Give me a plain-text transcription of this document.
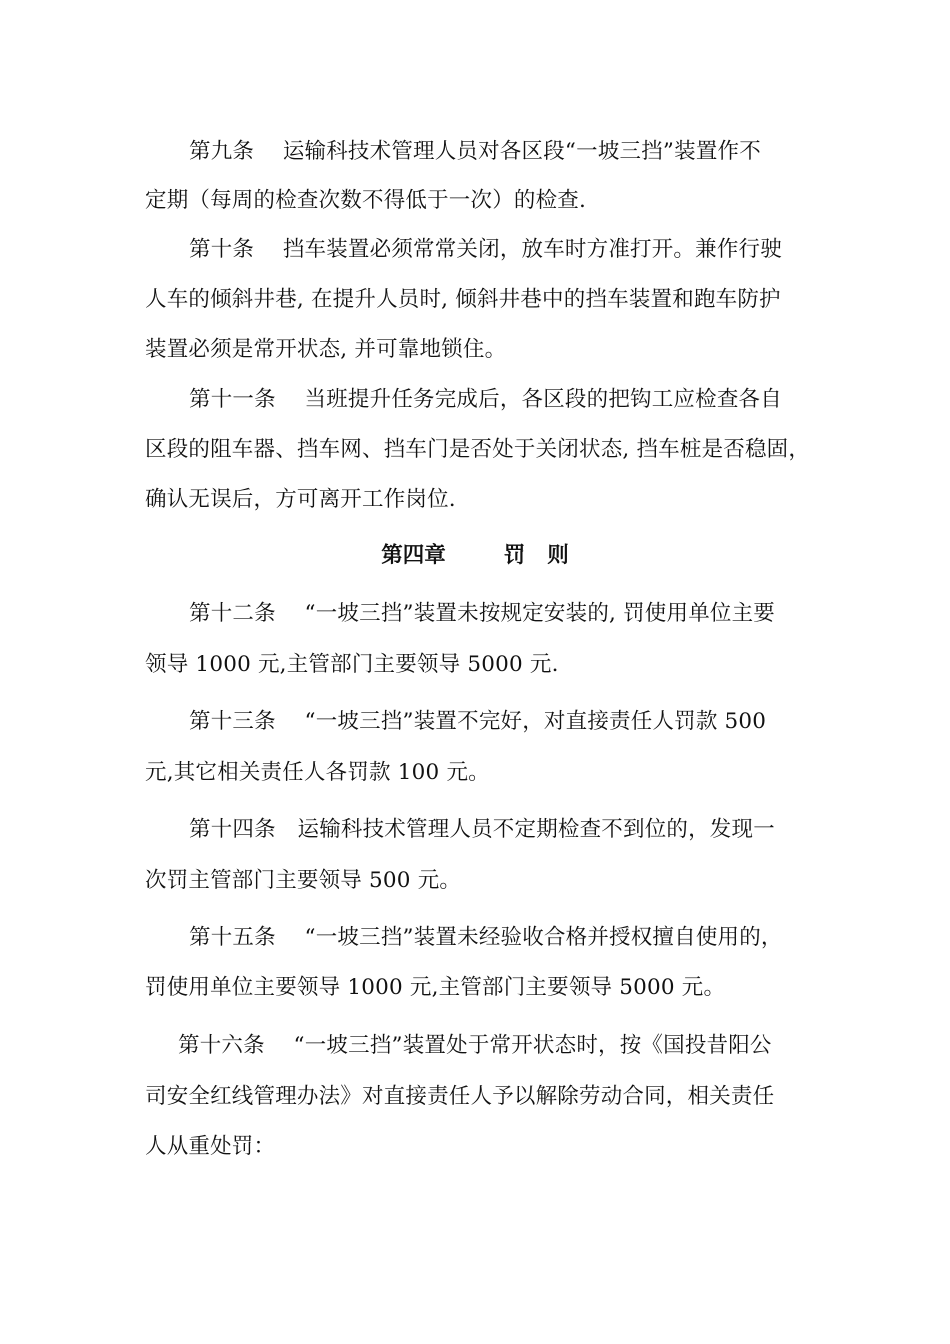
第九条　 运输科技术管理人员对各区段“一坡三挡”装置作不
定期（每周的检查次数不得低于一次）的检查.
第十条　 挡车装置必须常常关闭，放车时方准打开。兼作行驶
人车的倾斜井巷, 在提升人员时, 倾斜井巷中的挡车装置和跑车防护
装置必须是常开状态, 并可靠地锁住。
第十一条　 当班提升任务完成后，各区段的把钩工应检查各自
区段的阻车器、挡车网、挡车门是否处于关闭状态, 挡车桩是否稳固，
确认无误后，方可离开工作岗位.
第四章	罚 则
第十二条　 “一坡三挡”装置未按规定安装的, 罚使用单位主要
领导 1000 元,主管部门主要领导 5000 元.
第十三条　 “一坡三挡”装置不完好，对直接责任人罚款 500
元,其它相关责任人各罚款 100 元。
第十四条　运输科技术管理人员不定期检查不到位的，发现一
次罚主管部门主要领导 500 元。
第十五条　 “一坡三挡”装置未经验收合格并授权擅自使用的，
罚使用单位主要领导 1000 元,主管部门主要领导 5000 元。
第十六条　 “一坡三挡”装置处于常开状态时，按《国投昔阳公
司安全红线管理办法》对直接责任人予以解除劳动合同，相关责任
人从重处罚：
